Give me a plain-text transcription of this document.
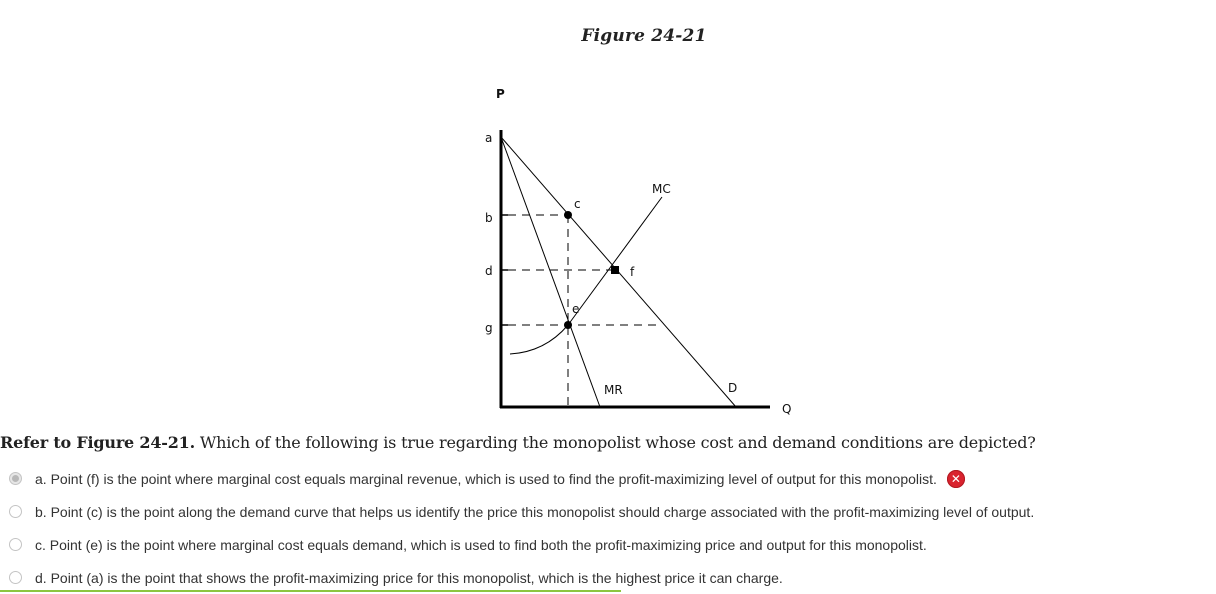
Figure 24-21
P
Q
a
b
d
g
c
f
e
MC
MR	D
Refer to Figure 24-21. Which of the following is true regarding the monopolist whose cost and demand conditions are depicted?
a. Point (f) is the point where marginal cost equals marginal revenue, which is used to find the profit-maximizing level of output for this monopolist.	✕
b. Point (c) is the point along the demand curve that helps us identify the price this monopolist should charge associated with the profit-maximizing level of output.
c. Point (e) is the point where marginal cost equals demand, which is used to find both the profit-maximizing price and output for this monopolist.
d. Point (a) is the point that shows the profit-maximizing price for this monopolist, which is the highest price it can charge.
